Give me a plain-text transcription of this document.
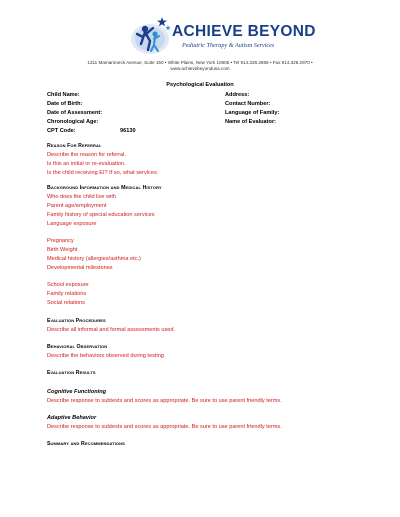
ACHIEVE BEYOND
Pediatric Therapy & Autism Services
1311 Mamaroneck Avenue, Suite 150 • White Plains, New York 10605 • Tel 914.328.2868 • Fax 914.328.2970 •
www.achievebeyondusa.com
Psychological Evaluation
Child Name:	Address:
Date of Birth:	Contact Number:
Date of Assessment:	Language of Family:
Chronological Age:	Name of Evaluator:
CPT Code:	96130
Reason For Referral
Describe the reason for referral.
Is this an initial or re-evaluation.
Is the child receiving EI? If so, what services.
Background Information and Medical History
Who does the child live with
Parent age/employment
Family history of special education services
Language exposure
Pregnancy
Birth Weight
Medical history (allergies/asthma etc.)
Developmental milestones
School exposure
Family relations
Social relations
Evaluation Procedures
Describe all informal and formal assessments used.
Behavioral Observation
Describe the behaviors observed during testing
Evaluation Results
Cognitive Functioning
Describe response to subtests and scores as appropriate. Be sure to use parent friendly terms.
Adaptive Behavior
Describe response to subtests and scores as appropriate. Be sure to use parent friendly terms.
Summary and Recommendations
